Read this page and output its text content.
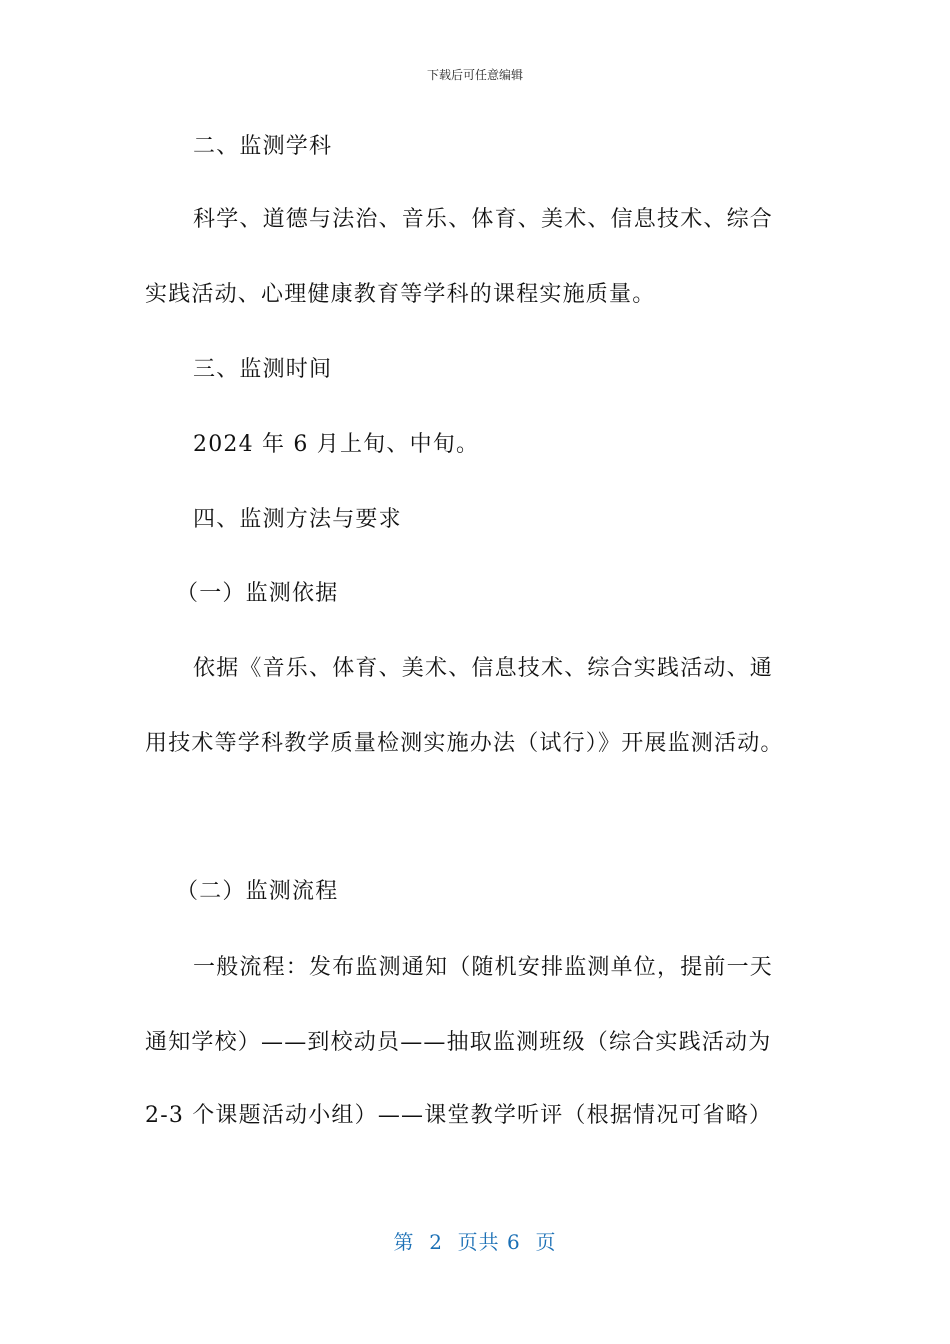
下载后可任意编辑
二、监测学科
科学、道德与法治、音乐、体育、美术、信息技术、综合
实践活动、心理健康教育等学科的课程实施质量。
三、监测时间
2024 年 6 月上旬、中旬。
四、监测方法与要求
（一）监测依据
依据《音乐、体育、美术、信息技术、综合实践活动、通
用技术等学科教学质量检测实施办法（试行）》开展监测活动。
（二）监测流程
一般流程：发布监测通知（随机安排监测单位，提前一天
通知学校）——到校动员——抽取监测班级（综合实践活动为
2-3 个课题活动小组）——课堂教学听评（根据情况可省略）
第  2  页共 6  页
